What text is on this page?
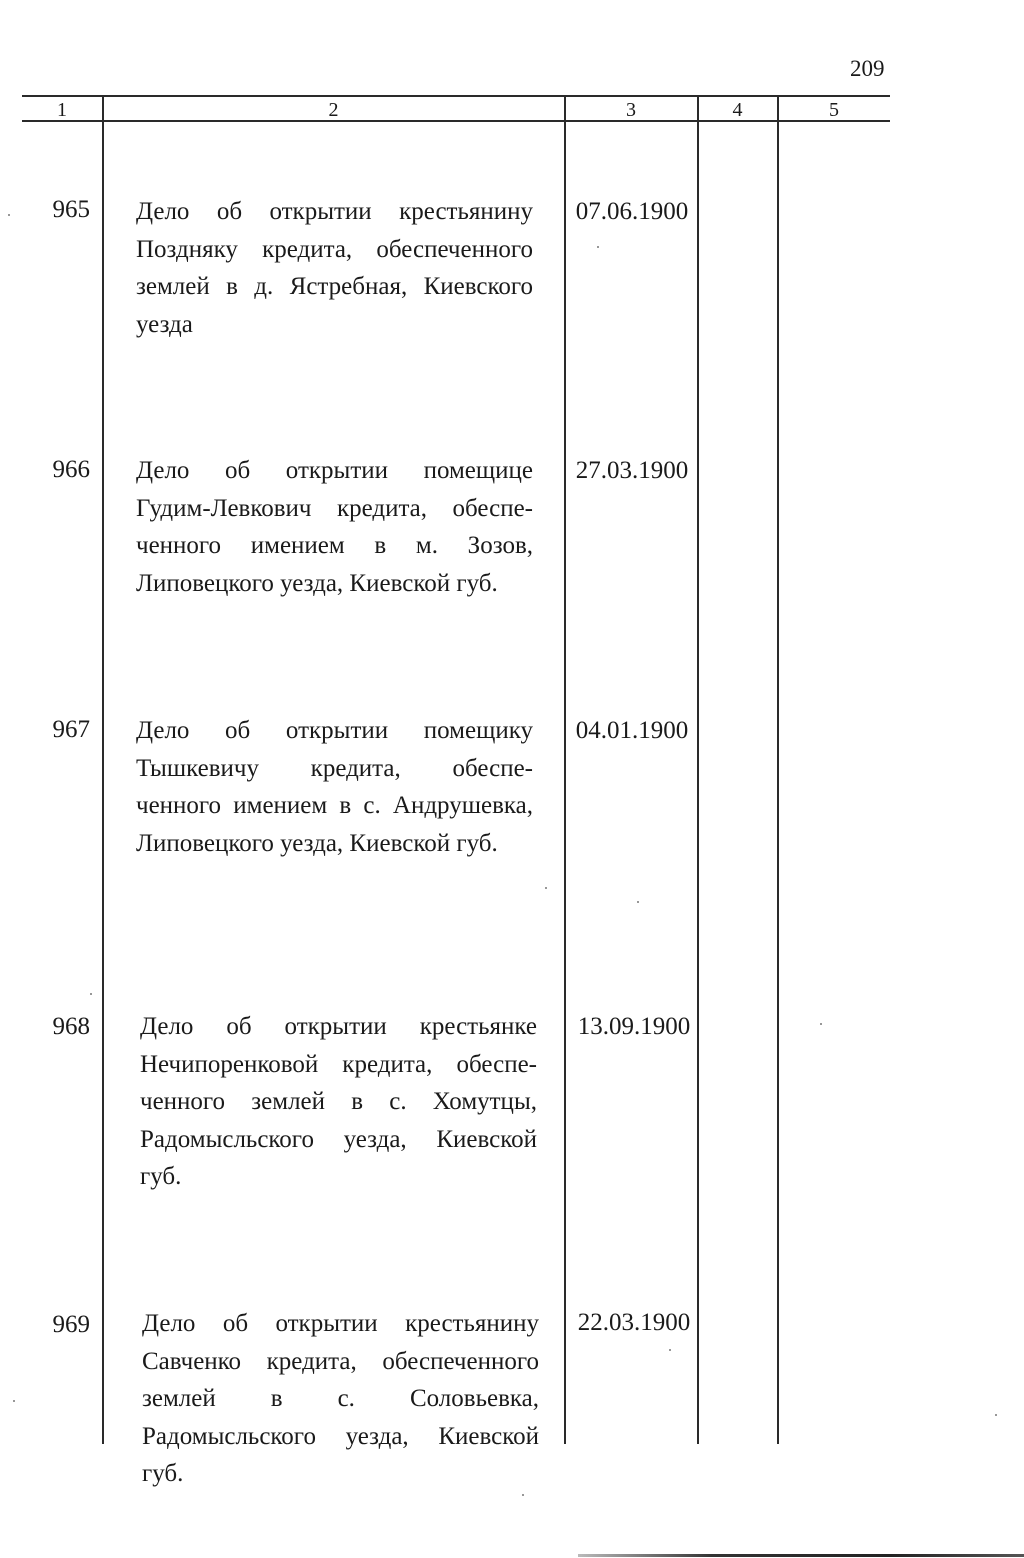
209
1	2	3	4	5
965 Дело об открытии крестьянину
Поздняку кредита, обеспеченного
землей в д. Ястребная, Киевского
уезда
07.06.1900
966 Дело об открытии помещице
Гудим-Левкович кредита, обеспе-
ченного имением в м. Зозов,
Липовецкого уезда, Киевской губ.
27.03.1900
967 Дело об открытии помещику
Тышкевичу кредита, обеспе-
ченного имением в с. Андрушевка,
Липовецкого уезда, Киевской губ.
04.01.1900
968 Дело об открытии крестьянке
Нечипоренковой кредита, обеспе-
ченного землей в с. Хомутцы,
Радомысльского уезда, Киевской
губ.
13.09.1900
969 Дело об открытии крестьянину
Савченко кредита, обеспеченного
землей в с. Соловьевка,
Радомысльского уезда, Киевской
губ.
22.03.1900
